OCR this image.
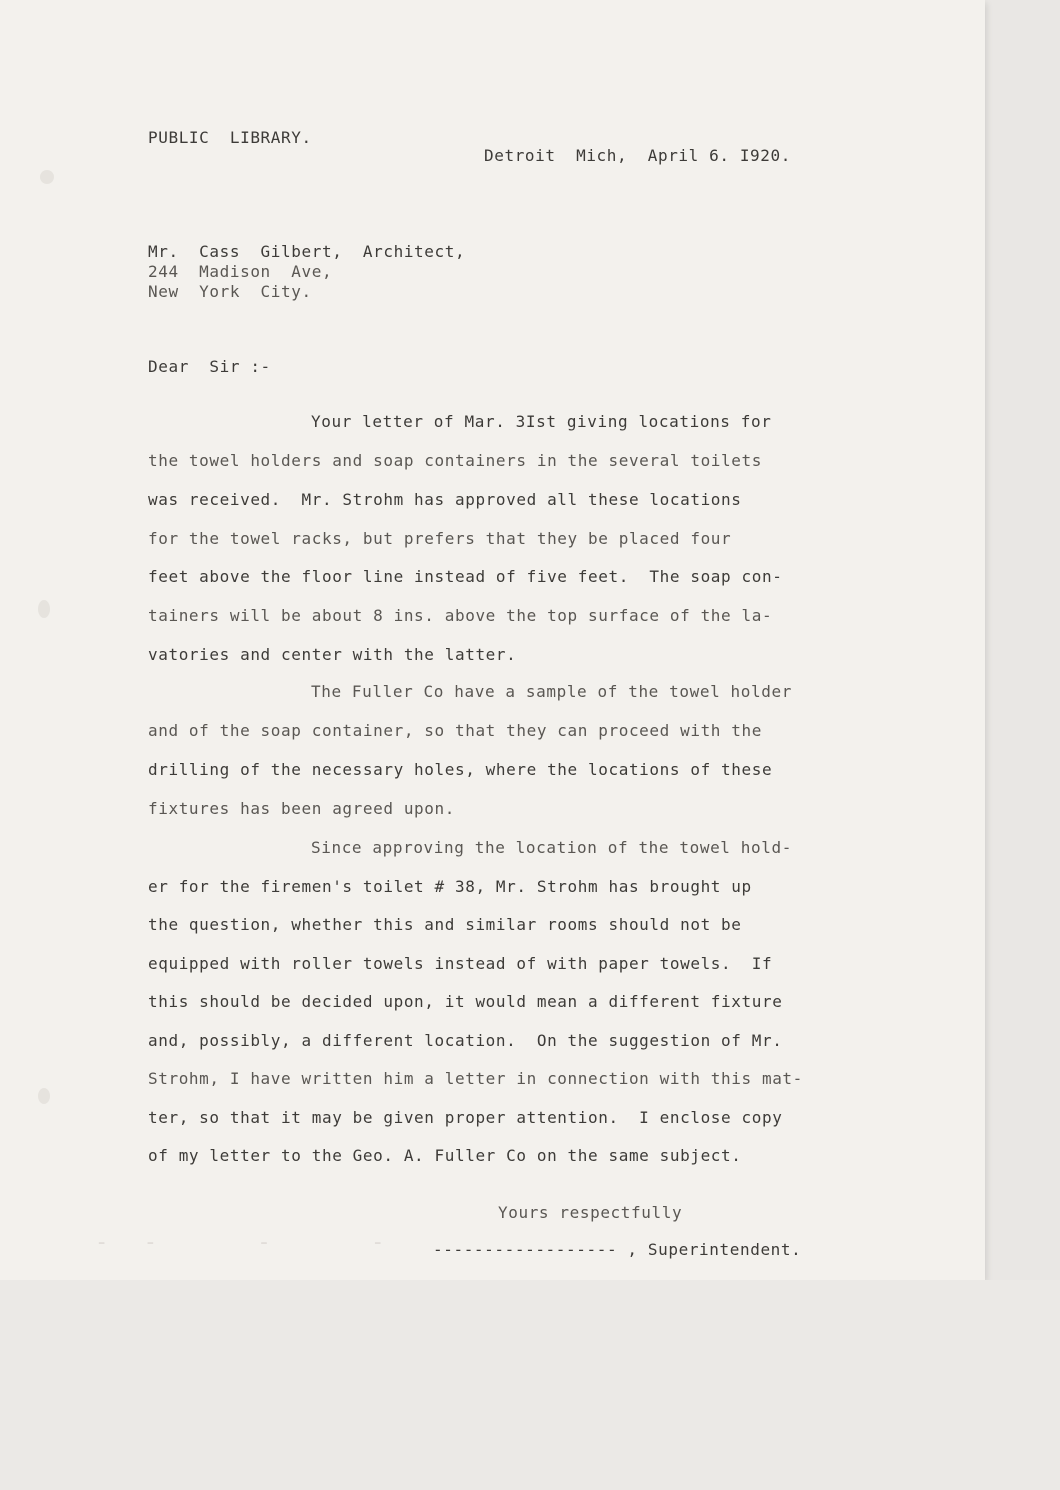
-  -      -      -

PUBLIC  LIBRARY.

Detroit  Mich,  April 6. I920.

Mr.  Cass  Gilbert,  Architect,

244  Madison  Ave,

New  York  City.

Dear  Sir :-

Your letter of Mar. 3Ist giving locations for

the towel holders and soap containers in the several toilets

was received.  Mr. Strohm has approved all these locations

for the towel racks, but prefers that they be placed four

feet above the floor line instead of five feet.  The soap con-

tainers will be about 8 ins. above the top surface of the la-

vatories and center with the latter.

The Fuller Co have a sample of the towel holder

and of the soap container, so that they can proceed with the

drilling of the necessary holes, where the locations of these

fixtures has been agreed upon.

Since approving the location of the towel hold-

er for the firemen's toilet # 38, Mr. Strohm has brought up

the question, whether this and similar rooms should not be

equipped with roller towels instead of with paper towels.  If

this should be decided upon, it would mean a different fixture

and, possibly, a different location.  On the suggestion of Mr.

Strohm, I have written him a letter in connection with this mat-

ter, so that it may be given proper attention.  I enclose copy

of my letter to the Geo. A. Fuller Co on the same subject.

Yours respectfully

------------------ , Superintendent.
